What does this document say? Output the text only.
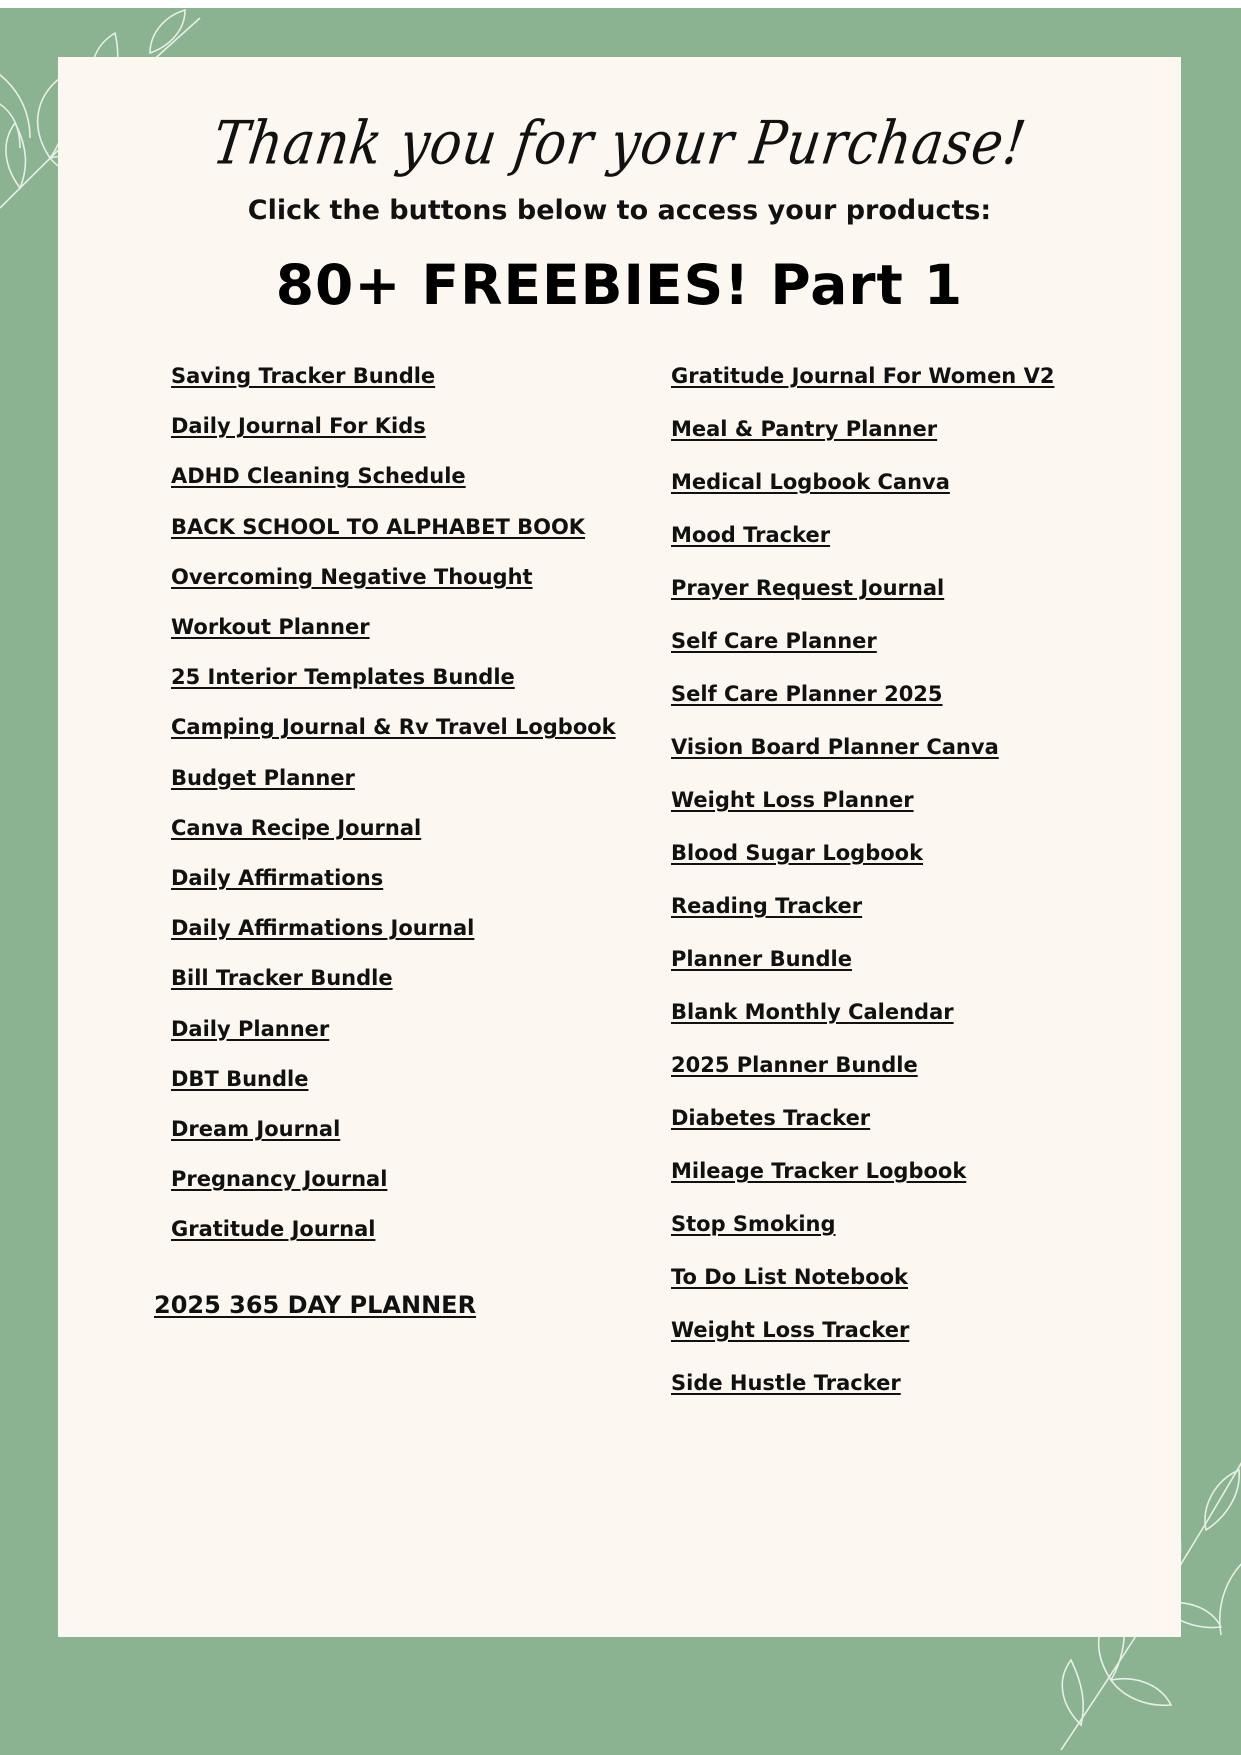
Thank you for your Purchase!
Click the buttons below to access your products:
80+ FREEBIES! Part 1
Saving Tracker Bundle
Daily Journal For Kids
ADHD Cleaning Schedule
BACK SCHOOL TO ALPHABET BOOK
Overcoming Negative Thought
Workout Planner
25 Interior Templates Bundle
Camping Journal & Rv Travel Logbook
Budget Planner
Canva Recipe Journal
Daily Affirmations
Daily Affirmations Journal
Bill Tracker Bundle
Daily Planner
DBT Bundle
Dream Journal
Pregnancy Journal
Gratitude Journal
Gratitude Journal For Women V2
Meal & Pantry Planner
Medical Logbook Canva
Mood Tracker
Prayer Request Journal
Self Care Planner
Self Care Planner 2025
Vision Board Planner Canva
Weight Loss Planner
Blood Sugar Logbook
Reading Tracker
Planner Bundle
Blank Monthly Calendar
2025 Planner Bundle
Diabetes Tracker
Mileage Tracker Logbook
Stop Smoking
To Do List Notebook
Weight Loss Tracker
Side Hustle Tracker
2025 365 DAY PLANNER
